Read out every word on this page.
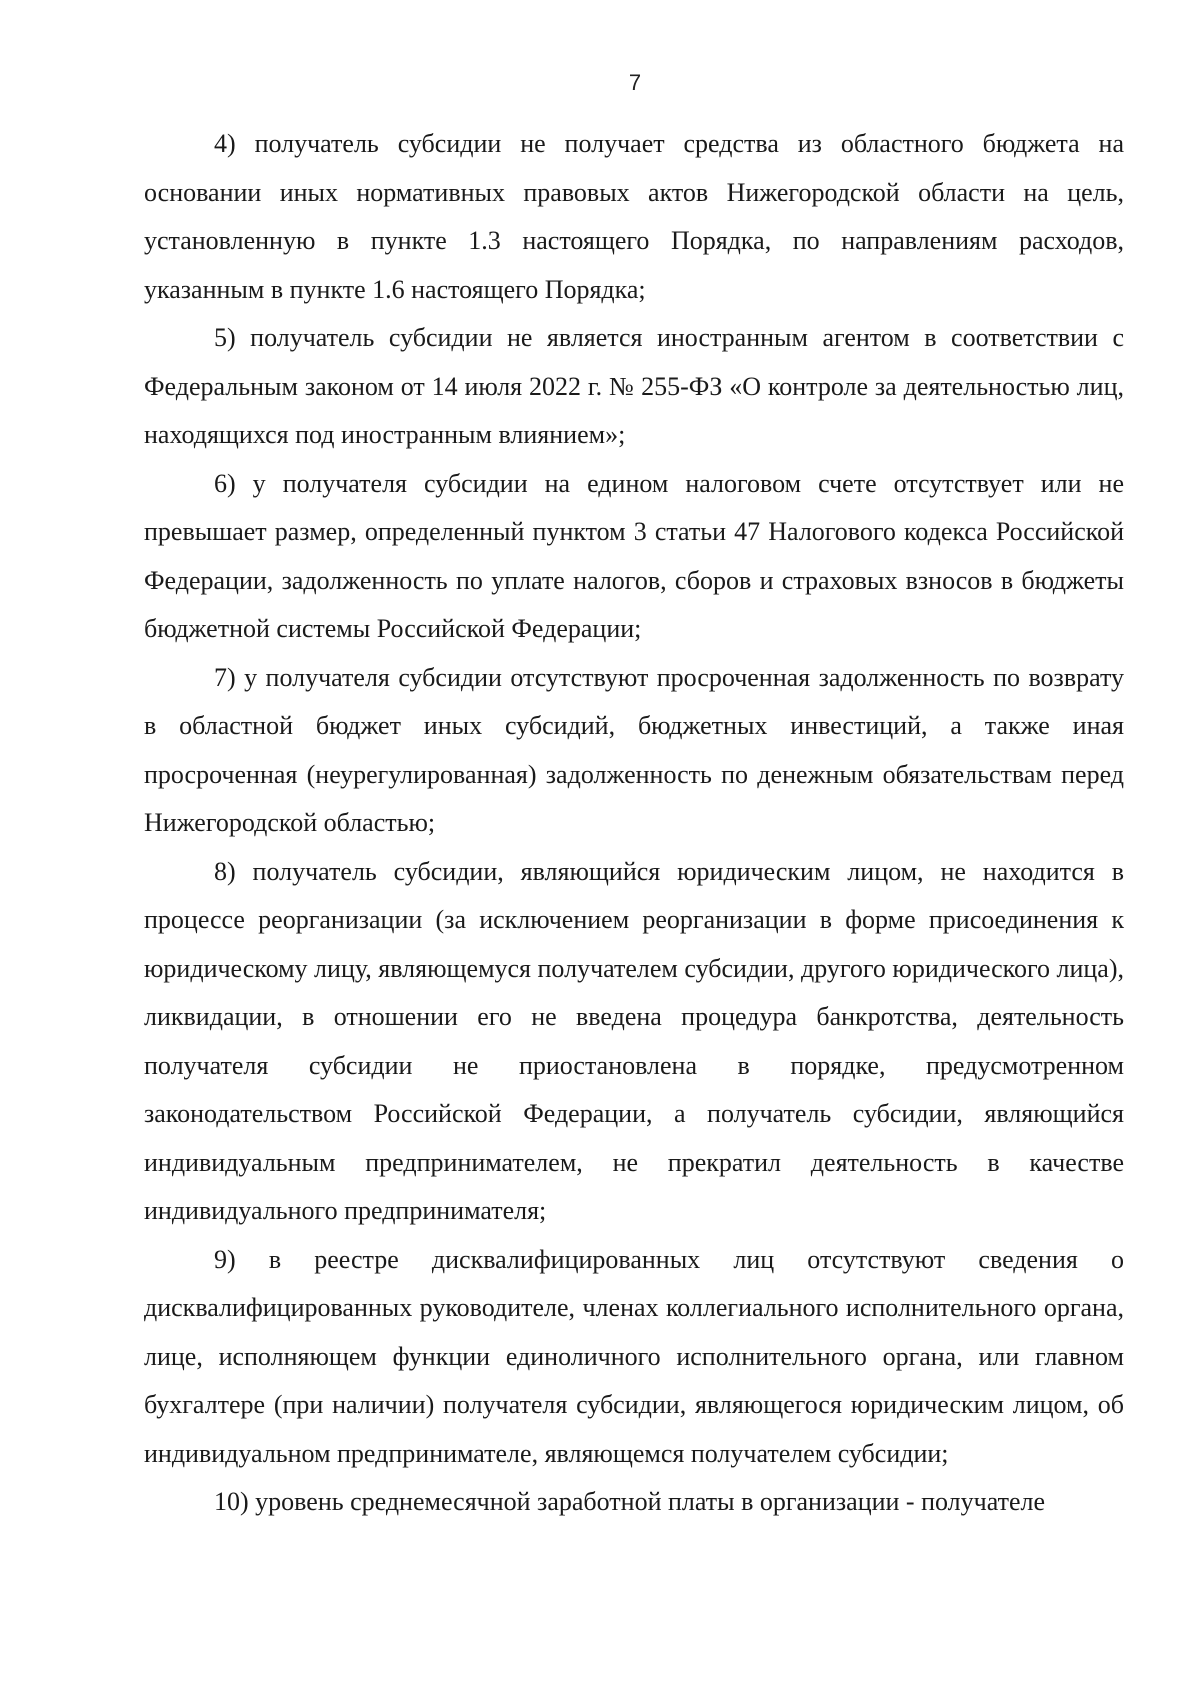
7

4) получатель субсидии не получает средства из областного бюджета на основании иных нормативных правовых актов Нижегородской области на цель, установленную в пункте 1.3 настоящего Порядка, по направлениям расходов, указанным в пункте 1.6 настоящего Порядка;

5) получатель субсидии не является иностранным агентом в соответствии с Федеральным законом от 14 июля 2022 г. № 255-ФЗ «О контроле за деятельностью лиц, находящихся под иностранным влиянием»;

6) у получателя субсидии на едином налоговом счете отсутствует или не превышает размер, определенный пунктом 3 статьи 47 Налогового кодекса Российской Федерации, задолженность по уплате налогов, сборов и страховых взносов в бюджеты бюджетной системы Российской Федерации;

7) у получателя субсидии отсутствуют просроченная задолженность по возврату в областной бюджет иных субсидий, бюджетных инвестиций, а также иная просроченная (неурегулированная) задолженность по денежным обязательствам перед Нижегородской областью;

8) получатель субсидии, являющийся юридическим лицом, не находится в процессе реорганизации (за исключением реорганизации в форме присоединения к юридическому лицу, являющемуся получателем субсидии, другого юридического лица), ликвидации, в отношении его не введена процедура банкротства, деятельность получателя субсидии не приостановлена в порядке, предусмотренном законодательством Российской Федерации, а получатель субсидии, являющийся индивидуальным предпринимателем, не прекратил деятельность в качестве индивидуального предпринимателя;

9) в реестре дисквалифицированных лиц отсутствуют сведения о дисквалифицированных руководителе, членах коллегиального исполнительного органа, лице, исполняющем функции единоличного исполнительного органа, или главном бухгалтере (при наличии) получателя субсидии, являющегося юридическим лицом, об индивидуальном предпринимателе, являющемся получателем субсидии;

10) уровень среднемесячной заработной платы в организации - получателе
